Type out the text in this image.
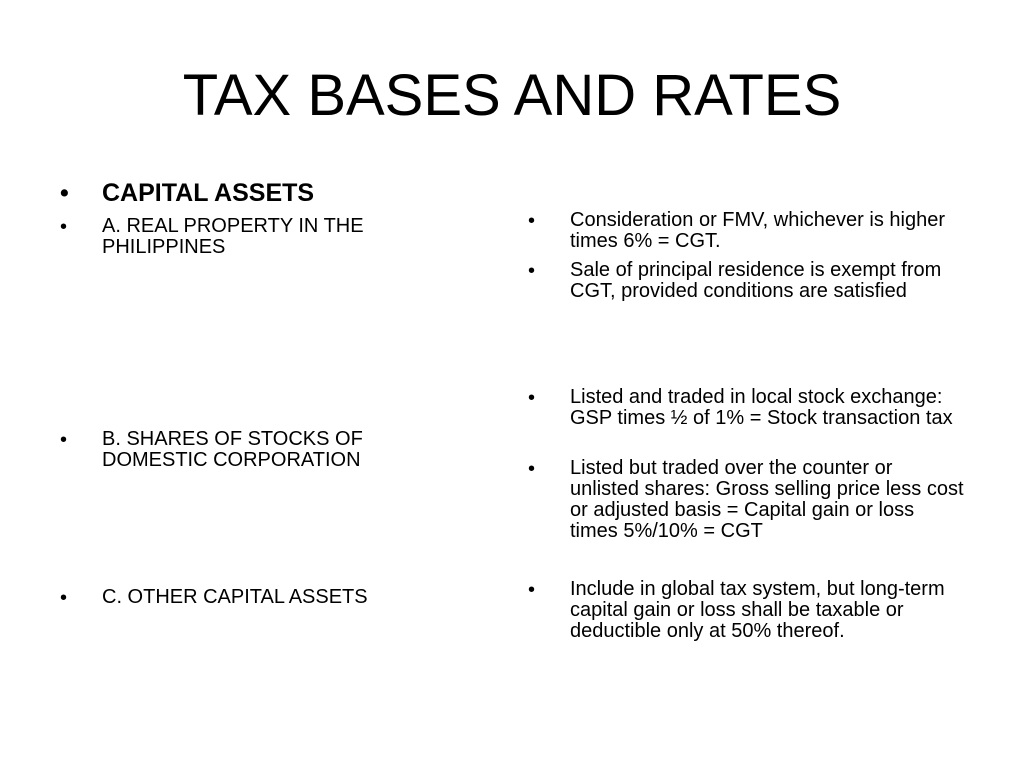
TAX BASES AND RATES
•	CAPITAL ASSETS
•	A. REAL PROPERTY IN THE PHILIPPINES
•	B. SHARES OF STOCKS OF DOMESTIC CORPORATION
•	C. OTHER CAPITAL ASSETS
•	Consideration or FMV, whichever is higher times 6% = CGT.
•	Sale of principal residence is exempt from CGT, provided conditions are satisfied
•	Listed and traded in local stock exchange: GSP times ½ of 1% = Stock transaction tax
•	Listed but traded over the counter or unlisted shares: Gross selling price less cost or adjusted basis = Capital gain or loss times 5%/10% = CGT
•	Include in global tax system, but long-term capital gain or loss shall be taxable or deductible only at 50% thereof.
